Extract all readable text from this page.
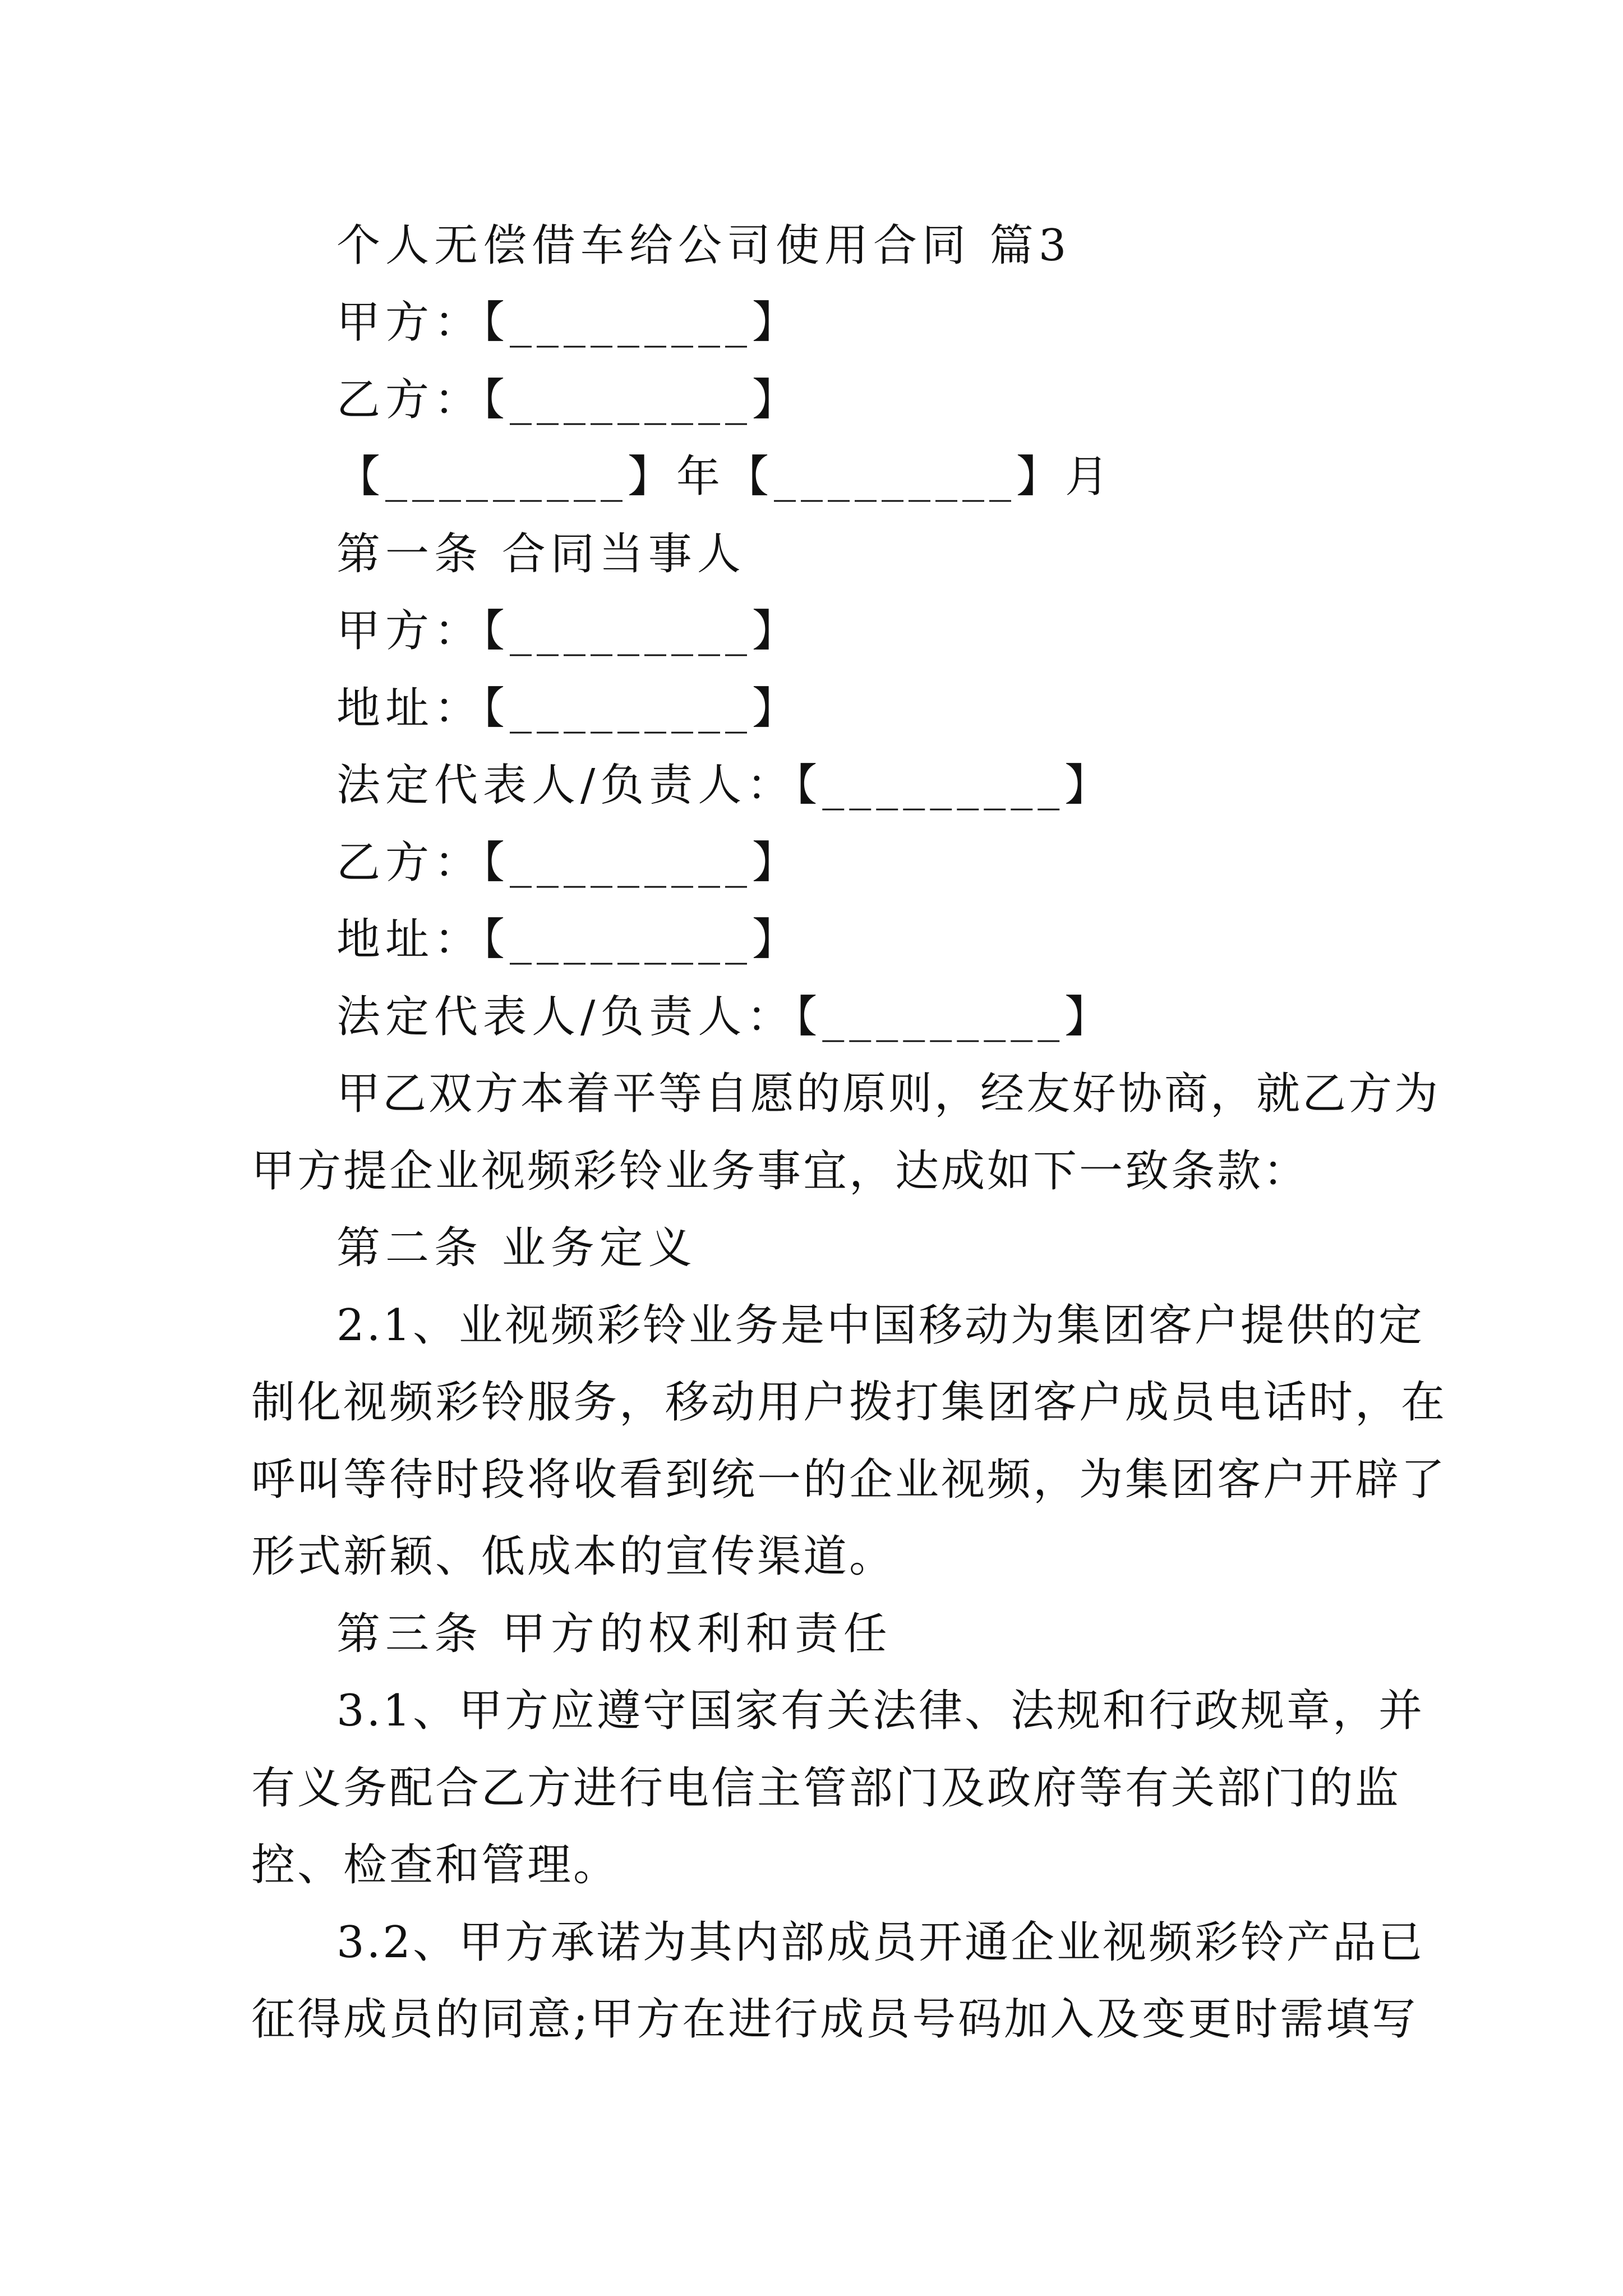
个人无偿借车给公司使用合同 篇3
甲方：【_________】
乙方：【_________】
【_________】年【_________】月
第一条 合同当事人
甲方：【_________】
地址：【_________】
法定代表人/负责人：【_________】
乙方：【_________】
地址：【_________】
法定代表人/负责人：【_________】
甲乙双方本着平等自愿的原则，经友好协商，就乙方为
甲方提企业视频彩铃业务事宜，达成如下一致条款：
第二条 业务定义
2.1、业视频彩铃业务是中国移动为集团客户提供的定
制化视频彩铃服务，移动用户拨打集团客户成员电话时，在
呼叫等待时段将收看到统一的企业视频，为集团客户开辟了
形式新颖、低成本的宣传渠道。
第三条 甲方的权利和责任
3.1、甲方应遵守国家有关法律、法规和行政规章，并
有义务配合乙方进行电信主管部门及政府等有关部门的监
控、检查和管理。
3.2、甲方承诺为其内部成员开通企业视频彩铃产品已
征得成员的同意;甲方在进行成员号码加入及变更时需填写
